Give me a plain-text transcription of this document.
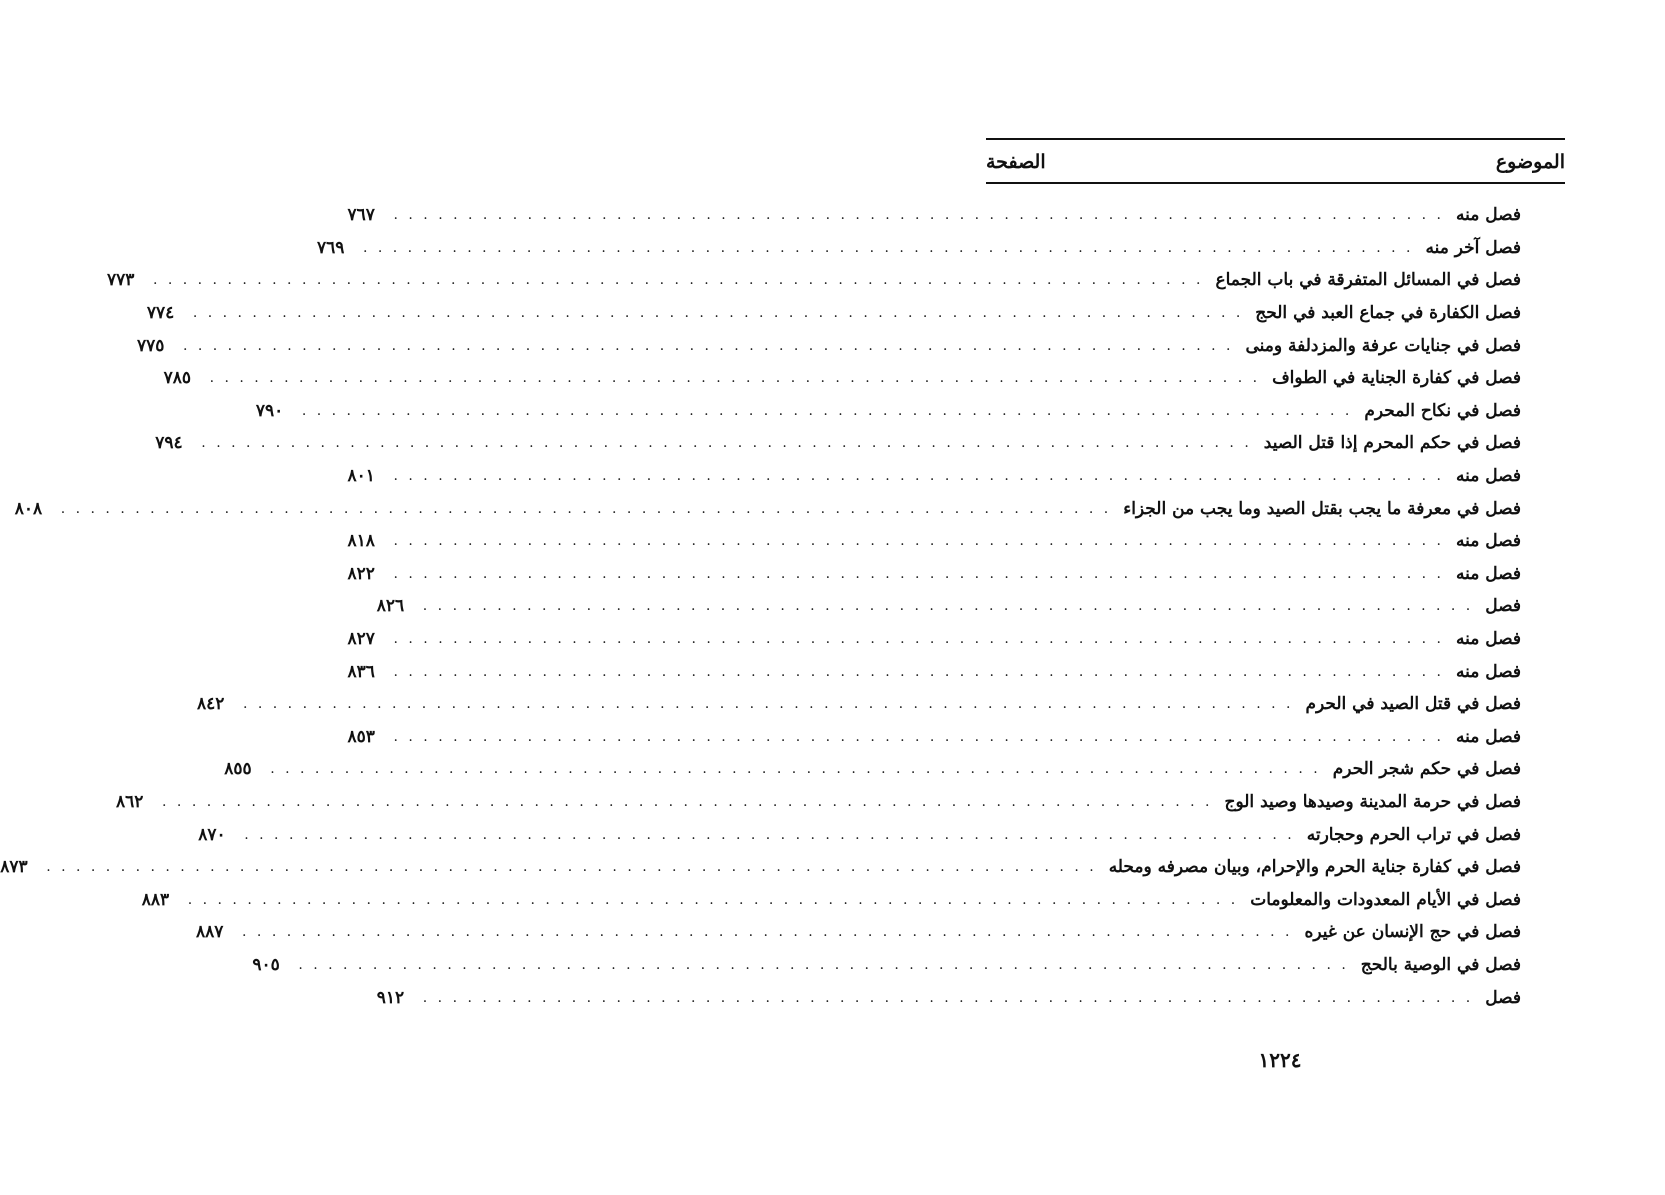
الموضوع
الصفحة
فصل منه
. . . . . . . . . . . . . . . . . . . . . . . . . . . . . . . . . . . . . . . . . . . . . . . . . . . . . . . . . . . . . . . . . . . . . . .
٧٦٧
فصل آخر منه
. . . . . . . . . . . . . . . . . . . . . . . . . . . . . . . . . . . . . . . . . . . . . . . . . . . . . . . . . . . . . . . . . . . . . . .
٧٦٩
فصل في المسائل المتفرقة في باب الجماع
. . . . . . . . . . . . . . . . . . . . . . . . . . . . . . . . . . . . . . . . . . . . . . . . . . . . . . . . . . . . . . . . . . . . . . .
٧٧٣
فصل الكفارة في جماع العبد في الحج
. . . . . . . . . . . . . . . . . . . . . . . . . . . . . . . . . . . . . . . . . . . . . . . . . . . . . . . . . . . . . . . . . . . . . . .
٧٧٤
فصل في جنايات عرفة والمزدلفة ومنى
. . . . . . . . . . . . . . . . . . . . . . . . . . . . . . . . . . . . . . . . . . . . . . . . . . . . . . . . . . . . . . . . . . . . . . .
٧٧٥
فصل في كفارة الجناية في الطواف
. . . . . . . . . . . . . . . . . . . . . . . . . . . . . . . . . . . . . . . . . . . . . . . . . . . . . . . . . . . . . . . . . . . . . . .
٧٨٥
فصل في نكاح المحرم
. . . . . . . . . . . . . . . . . . . . . . . . . . . . . . . . . . . . . . . . . . . . . . . . . . . . . . . . . . . . . . . . . . . . . . .
٧٩٠
فصل في حكم المحرم إذا قتل الصيد
. . . . . . . . . . . . . . . . . . . . . . . . . . . . . . . . . . . . . . . . . . . . . . . . . . . . . . . . . . . . . . . . . . . . . . .
٧٩٤
فصل منه
. . . . . . . . . . . . . . . . . . . . . . . . . . . . . . . . . . . . . . . . . . . . . . . . . . . . . . . . . . . . . . . . . . . . . . .
٨٠١
فصل في معرفة ما يجب بقتل الصيد وما يجب من الجزاء
. . . . . . . . . . . . . . . . . . . . . . . . . . . . . . . . . . . . . . . . . . . . . . . . . . . . . . . . . . . . . . . . . . . . . . .
٨٠٨
فصل منه
. . . . . . . . . . . . . . . . . . . . . . . . . . . . . . . . . . . . . . . . . . . . . . . . . . . . . . . . . . . . . . . . . . . . . . .
٨١٨
فصل منه
. . . . . . . . . . . . . . . . . . . . . . . . . . . . . . . . . . . . . . . . . . . . . . . . . . . . . . . . . . . . . . . . . . . . . . .
٨٢٢
فصل
. . . . . . . . . . . . . . . . . . . . . . . . . . . . . . . . . . . . . . . . . . . . . . . . . . . . . . . . . . . . . . . . . . . . . . .
٨٢٦
فصل منه
. . . . . . . . . . . . . . . . . . . . . . . . . . . . . . . . . . . . . . . . . . . . . . . . . . . . . . . . . . . . . . . . . . . . . . .
٨٢٧
فصل منه
. . . . . . . . . . . . . . . . . . . . . . . . . . . . . . . . . . . . . . . . . . . . . . . . . . . . . . . . . . . . . . . . . . . . . . .
٨٣٦
فصل في قتل الصيد في الحرم
. . . . . . . . . . . . . . . . . . . . . . . . . . . . . . . . . . . . . . . . . . . . . . . . . . . . . . . . . . . . . . . . . . . . . . .
٨٤٢
فصل منه
. . . . . . . . . . . . . . . . . . . . . . . . . . . . . . . . . . . . . . . . . . . . . . . . . . . . . . . . . . . . . . . . . . . . . . .
٨٥٣
فصل في حكم شجر الحرم
. . . . . . . . . . . . . . . . . . . . . . . . . . . . . . . . . . . . . . . . . . . . . . . . . . . . . . . . . . . . . . . . . . . . . . .
٨٥٥
فصل في حرمة المدينة وصيدها وصيد الوج
. . . . . . . . . . . . . . . . . . . . . . . . . . . . . . . . . . . . . . . . . . . . . . . . . . . . . . . . . . . . . . . . . . . . . . .
٨٦٢
فصل في تراب الحرم وحجارته
. . . . . . . . . . . . . . . . . . . . . . . . . . . . . . . . . . . . . . . . . . . . . . . . . . . . . . . . . . . . . . . . . . . . . . .
٨٧٠
فصل في كفارة جناية الحرم والإحرام، وبيان مصرفه ومحله
. . . . . . . . . . . . . . . . . . . . . . . . . . . . . . . . . . . . . . . . . . . . . . . . . . . . . . . . . . . . . . . . . . . . . . .
٨٧٣
فصل في الأيام المعدودات والمعلومات
. . . . . . . . . . . . . . . . . . . . . . . . . . . . . . . . . . . . . . . . . . . . . . . . . . . . . . . . . . . . . . . . . . . . . . .
٨٨٣
فصل في حج الإنسان عن غيره
. . . . . . . . . . . . . . . . . . . . . . . . . . . . . . . . . . . . . . . . . . . . . . . . . . . . . . . . . . . . . . . . . . . . . . .
٨٨٧
فصل في الوصية بالحج
. . . . . . . . . . . . . . . . . . . . . . . . . . . . . . . . . . . . . . . . . . . . . . . . . . . . . . . . . . . . . . . . . . . . . . .
٩٠٥
فصل
. . . . . . . . . . . . . . . . . . . . . . . . . . . . . . . . . . . . . . . . . . . . . . . . . . . . . . . . . . . . . . . . . . . . . . .
٩١٢
١٢٢٤
